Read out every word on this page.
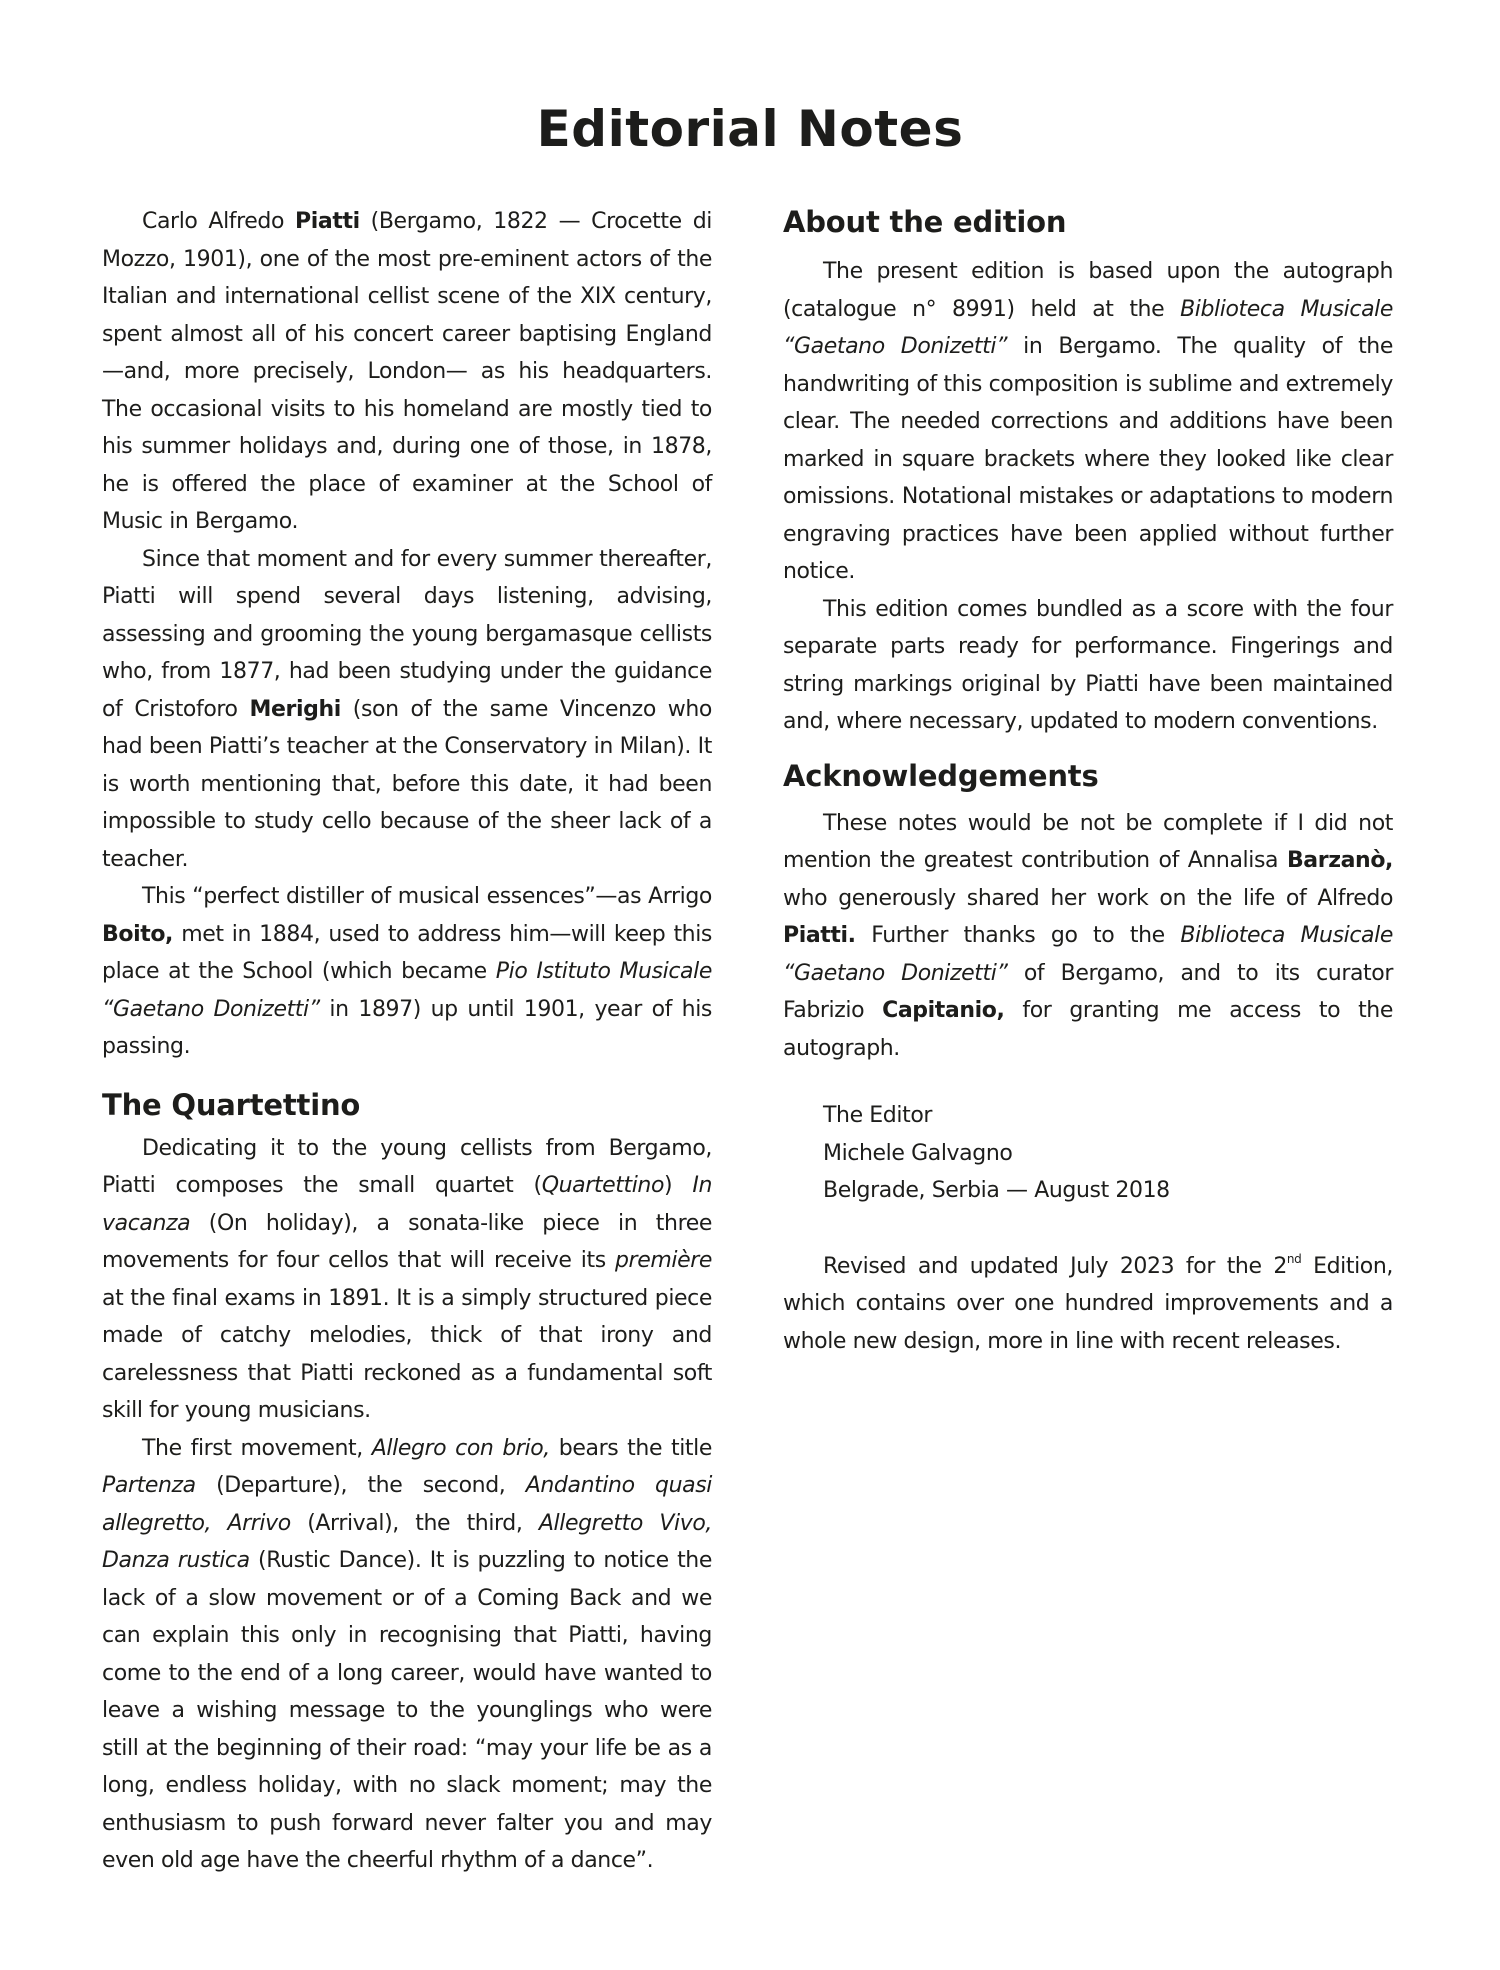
Editorial Notes

Carlo Alfredo Piatti (Bergamo, 1822 — Crocette di Mozzo, 1901), one of the most pre-eminent actors of the Italian and international cellist scene of the XIX century, spent almost all of his concert career baptising England —and, more precisely, London— as his headquarters. The occasional visits to his homeland are mostly tied to his summer holidays and, during one of those, in 1878, he is offered the place of examiner at the School of Music in Bergamo.

Since that moment and for every summer thereafter, Piatti will spend several days listening, advising, assessing and grooming the young bergamasque cellists who, from 1877, had been studying under the guidance of Cristoforo Merighi (son of the same Vincenzo who had been Piatti’s teacher at the Conservatory in Milan). It is worth mentioning that, before this date, it had been impossible to study cello because of the sheer lack of a teacher.

This “perfect distiller of musical essences”—as Arrigo Boito, met in 1884, used to address him—will keep this place at the School (which became Pio Istituto Musicale “Gaetano Donizetti” in 1897) up until 1901, year of his passing.

The Quartettino

Dedicating it to the young cellists from Bergamo, Piatti composes the small quartet (Quartettino) In vacanza (On holiday), a sonata-like piece in three movements for four cellos that will receive its première at the final exams in 1891. It is a simply structured piece made of catchy melodies, thick of that irony and carelessness that Piatti reckoned as a fundamental soft skill for young musicians.

The first movement, Allegro con brio, bears the title Partenza (Departure), the second, Andantino quasi allegretto, Arrivo (Arrival), the third, Allegretto Vivo, Danza rustica (Rustic Dance). It is puzzling to notice the lack of a slow movement or of a Coming Back and we can explain this only in recognising that Piatti, having come to the end of a long career, would have wanted to leave a wishing message to the younglings who were still at the beginning of their road: “may your life be as a long, endless holiday, with no slack moment; may the enthusiasm to push forward never falter you and may even old age have the cheerful rhythm of a dance”.

About the edition

The present edition is based upon the autograph (catalogue n° 8991) held at the Biblioteca Musicale “Gaetano Donizetti” in Bergamo. The quality of the handwriting of this composition is sublime and extremely clear. The needed corrections and additions have been marked in square brackets where they looked like clear omissions. Notational mistakes or adaptations to modern engraving practices have been applied without further notice.

This edition comes bundled as a score with the four separate parts ready for performance. Fingerings and string markings original by Piatti have been maintained and, where necessary, updated to modern conventions.

Acknowledgements

These notes would be not be complete if I did not mention the greatest contribution of Annalisa Barzanò, who generously shared her work on the life of Alfredo Piatti. Further thanks go to the Biblioteca Musicale “Gaetano Donizetti” of Bergamo, and to its curator Fabrizio Capitanio, for granting me access to the autograph.

The Editor
Michele Galvagno
Belgrade, Serbia — August 2018

Revised and updated July 2023 for the 2nd Edition, which contains over one hundred improvements and a whole new design, more in line with recent releases.
